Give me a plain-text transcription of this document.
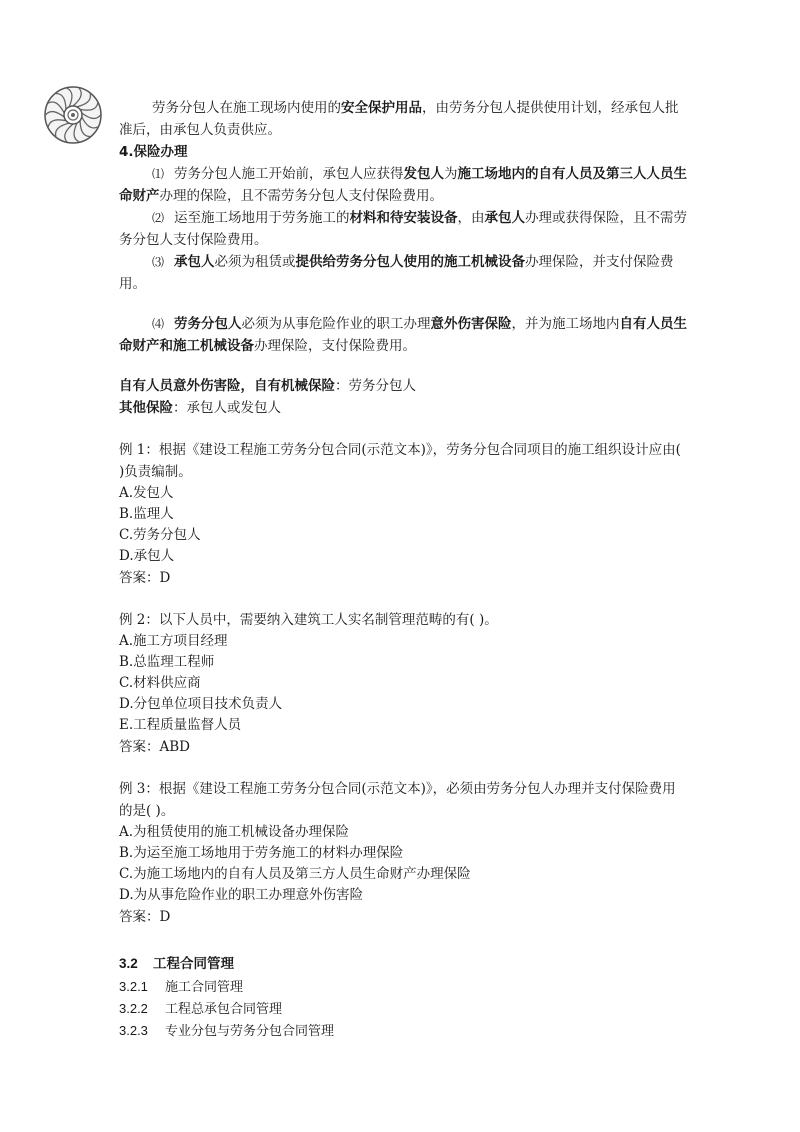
劳务分包人在施工现场内使用的安全保护用品，由劳务分包人提供使用计划，经承包人批准后，由承包人负责供应。

4.保险办理

⑴ 劳务分包人施工开始前，承包人应获得发包人为施工场地内的自有人员及第三人人员生命财产办理的保险，且不需劳务分包人支付保险费用。

⑵ 运至施工场地用于劳务施工的材料和待安装设备，由承包人办理或获得保险，且不需劳务分包人支付保险费用。

⑶ 承包人必须为租赁或提供给劳务分包人使用的施工机械设备办理保险，并支付保险费用。

⑷ 劳务分包人必须为从事危险作业的职工办理意外伤害保险，并为施工场地内自有人员生命财产和施工机械设备办理保险，支付保险费用。

自有人员意外伤害险，自有机械保险：劳务分包人

其他保险：承包人或发包人

例 1：根据《建设工程施工劳务分包合同(示范文本)》，劳务分包合同项目的施工组织设计应由( )负责编制。

A.发包人
B.监理人
C.劳务分包人
D.承包人

答案：D

例 2：以下人员中，需要纳入建筑工人实名制管理范畴的有( )。

A.施工方项目经理
B.总监理工程师
C.材料供应商
D.分包单位项目技术负责人
E.工程质量监督人员

答案：ABD

例 3：根据《建设工程施工劳务分包合同(示范文本)》，必须由劳务分包人办理并支付保险费用的是( )。

A.为租赁使用的施工机械设备办理保险
B.为运至施工场地用于劳务施工的材料办理保险
C.为施工场地内的自有人员及第三方人员生命财产办理保险
D.为从事危险作业的职工办理意外伤害险

答案：D

3.2 工程合同管理

3.2.1 施工合同管理
3.2.2 工程总承包合同管理
3.2.3 专业分包与劳务分包合同管理
